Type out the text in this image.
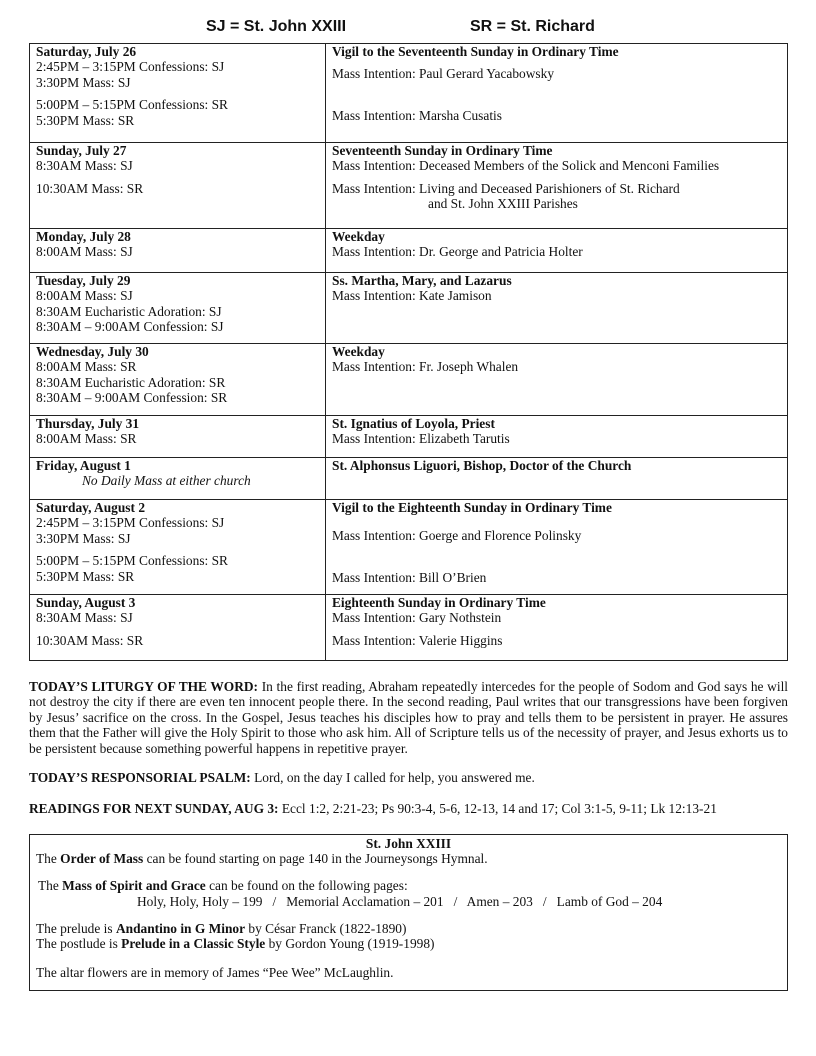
SJ = St. John XXIII	SR = St. Richard
Saturday, July 26
2:45PM – 3:15PM Confessions: SJ
3:30PM Mass: SJ
5:00PM – 5:15PM Confessions: SR
5:30PM Mass: SR	Vigil to the Seventeenth Sunday in Ordinary Time
Mass Intention: Paul Gerard Yacabowsky
Mass Intention: Marsha Cusatis

Sunday, July 27
8:30AM Mass: SJ
10:30AM Mass: SR	Seventeenth Sunday in Ordinary Time
Mass Intention: Deceased Members of the Solick and Menconi Families
Mass Intention: Living and Deceased Parishioners of St. Richard
and St. John XXIII Parishes

Monday, July 28
8:00AM Mass: SJ	Weekday
Mass Intention: Dr. George and Patricia Holter

Tuesday, July 29
8:00AM Mass: SJ
8:30AM Eucharistic Adoration: SJ
8:30AM – 9:00AM Confession: SJ	Ss. Martha, Mary, and Lazarus
Mass Intention: Kate Jamison

Wednesday, July 30
8:00AM Mass: SR
8:30AM Eucharistic Adoration: SR
8:30AM – 9:00AM Confession: SR	Weekday
Mass Intention: Fr. Joseph Whalen

Thursday, July 31
8:00AM Mass: SR	St. Ignatius of Loyola, Priest
Mass Intention: Elizabeth Tarutis

Friday, August 1
No Daily Mass at either church	St. Alphonsus Liguori, Bishop, Doctor of the Church

Saturday, August 2
2:45PM – 3:15PM Confessions: SJ
3:30PM Mass: SJ
5:00PM – 5:15PM Confessions: SR
5:30PM Mass: SR	Vigil to the Eighteenth Sunday in Ordinary Time
Mass Intention: Goerge and Florence Polinsky
Mass Intention: Bill O’Brien

Sunday, August 3
8:30AM Mass: SJ
10:30AM Mass: SR	Eighteenth Sunday in Ordinary Time
Mass Intention: Gary Nothstein
Mass Intention: Valerie Higgins

TODAY’S LITURGY OF THE WORD: In the first reading, Abraham repeatedly intercedes for the people of Sodom and God says he will not destroy the city if there are even ten innocent people there. In the second reading, Paul writes that our transgressions have been forgiven by Jesus’ sacrifice on the cross. In the Gospel, Jesus teaches his disciples how to pray and tells them to be persistent in prayer. He assures them that the Father will give the Holy Spirit to those who ask him. All of Scripture tells us of the necessity of prayer, and Jesus exhorts us to be persistent because something powerful happens in repetitive prayer.

TODAY’S RESPONSORIAL PSALM: Lord, on the day I called for help, you answered me.

READINGS FOR NEXT SUNDAY, AUG 3: Eccl 1:2, 2:21-23; Ps 90:3-4, 5-6, 12-13, 14 and 17; Col 3:1-5, 9-11; Lk 12:13-21

St. John XXIII
The Order of Mass can be found starting on page 140 in the Journeysongs Hymnal.
The Mass of Spirit and Grace can be found on the following pages:
Holy, Holy, Holy – 199   /   Memorial Acclamation – 201   /   Amen – 203   /   Lamb of God – 204
The prelude is Andantino in G Minor by César Franck (1822-1890)
The postlude is Prelude in a Classic Style by Gordon Young (1919-1998)
The altar flowers are in memory of James “Pee Wee” McLaughlin.
